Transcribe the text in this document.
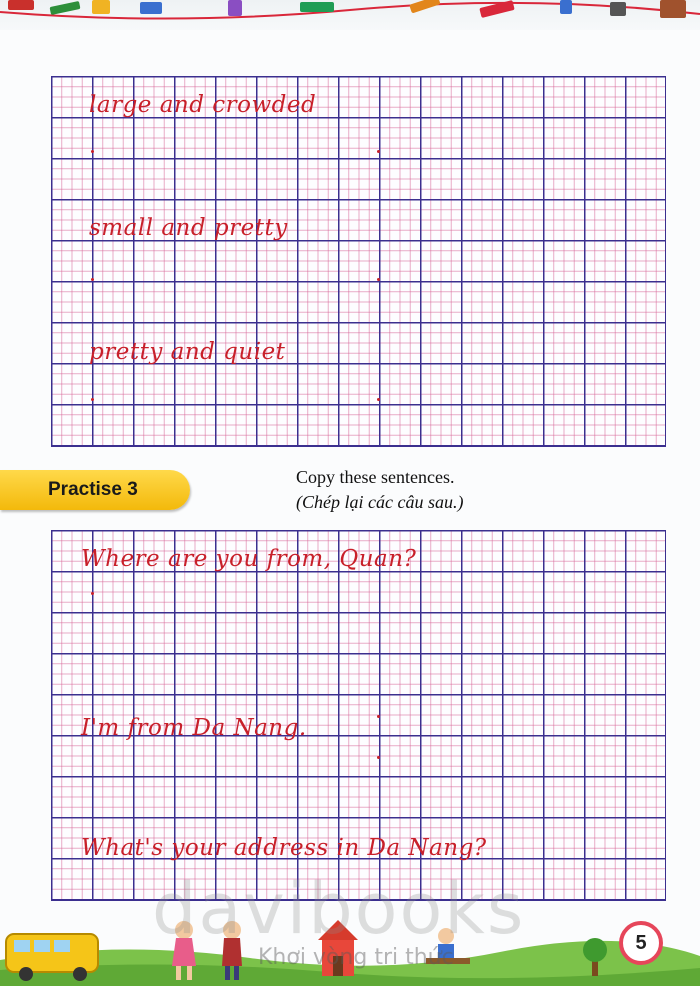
large and crowded
small and pretty
pretty and quiet
Practise 3
Copy these sentences.
(Chép lại các câu sau.)
Where are you from, Quan?
I'm from Da Nang.
What's your address in Da Nang?
davibooks
Khơi vòng tri thức
5
